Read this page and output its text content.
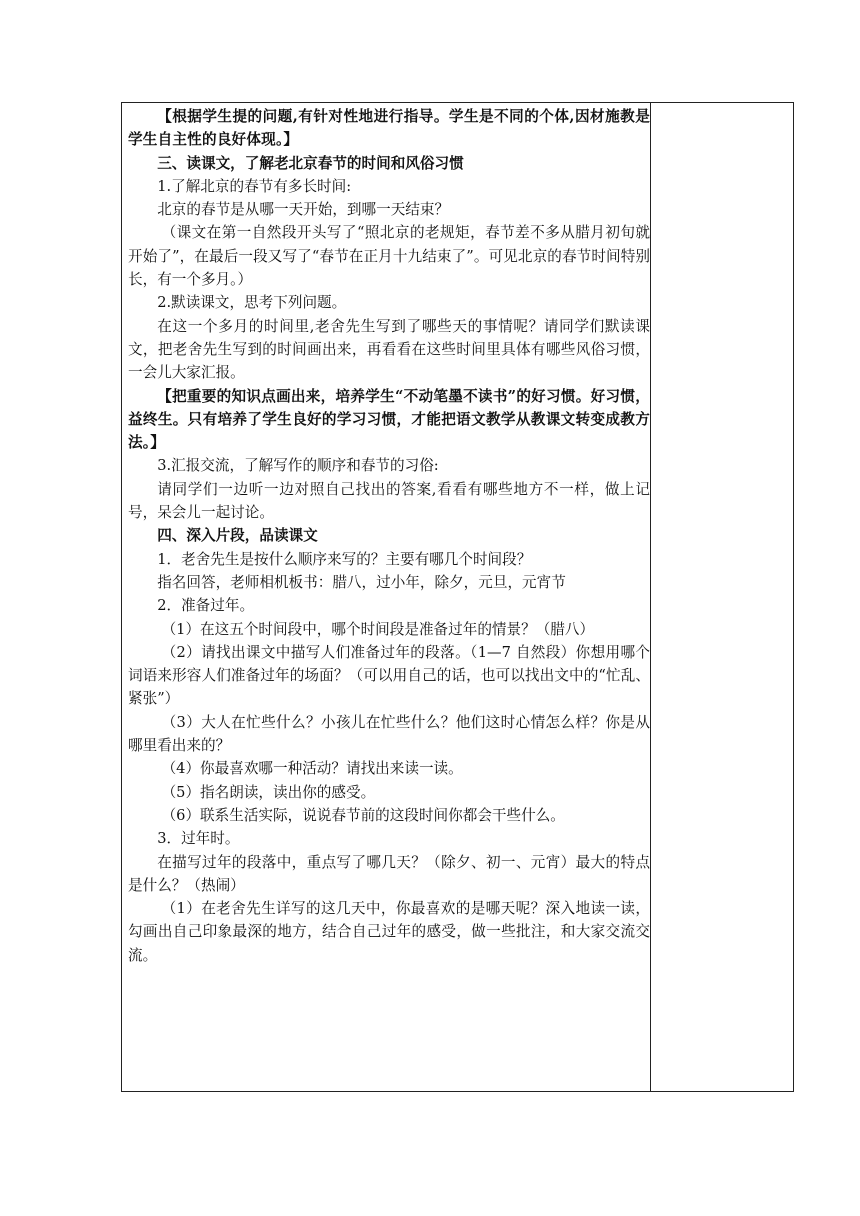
【根据学生提的问题,有针对性地进行指导。学生是不同的个体,因材施教是学生自主性的良好体现。】

三、读课文，了解老北京春节的时间和风俗习惯

1.了解北京的春节有多长时间:

北京的春节是从哪一天开始，到哪一天结束？

（课文在第一自然段开头写了“照北京的老规矩，春节差不多从腊月初旬就开始了”，在最后一段又写了“春节在正月十九结束了”。可见北京的春节时间特别长，有一个多月。）

2.默读课文，思考下列问题。

在这一个多月的时间里,老舍先生写到了哪些天的事情呢？请同学们默读课文，把老舍先生写到的时间画出来，再看看在这些时间里具体有哪些风俗习惯，一会儿大家汇报。

【把重要的知识点画出来，培养学生“不动笔墨不读书”的好习惯。好习惯，益终生。只有培养了学生良好的学习习惯，才能把语文教学从教课文转变成教方法。】

3.汇报交流，了解写作的顺序和春节的习俗:

请同学们一边听一边对照自己找出的答案,看看有哪些地方不一样，做上记号，呆会儿一起讨论。

四、深入片段，品读课文

1．老舍先生是按什么顺序来写的？主要有哪几个时间段？

指名回答，老师相机板书：腊八，过小年，除夕，元旦，元宵节

2．准备过年。

（1）在这五个时间段中，哪个时间段是准备过年的情景？（腊八）

（2）请找出课文中描写人们准备过年的段落。（1—7 自然段）你想用哪个词语来形容人们准备过年的场面？（可以用自己的话，也可以找出文中的“忙乱、紧张”）

（3）大人在忙些什么？小孩儿在忙些什么？他们这时心情怎么样？你是从哪里看出来的？

（4）你最喜欢哪一种活动？请找出来读一读。

（5）指名朗读，读出你的感受。

（6）联系生活实际，说说春节前的这段时间你都会干些什么。

3．过年时。

在描写过年的段落中，重点写了哪几天？（除夕、初一、元宵）最大的特点是什么？（热闹）

（1）在老舍先生详写的这几天中，你最喜欢的是哪天呢？深入地读一读，勾画出自己印象最深的地方，结合自己过年的感受，做一些批注，和大家交流交流。
